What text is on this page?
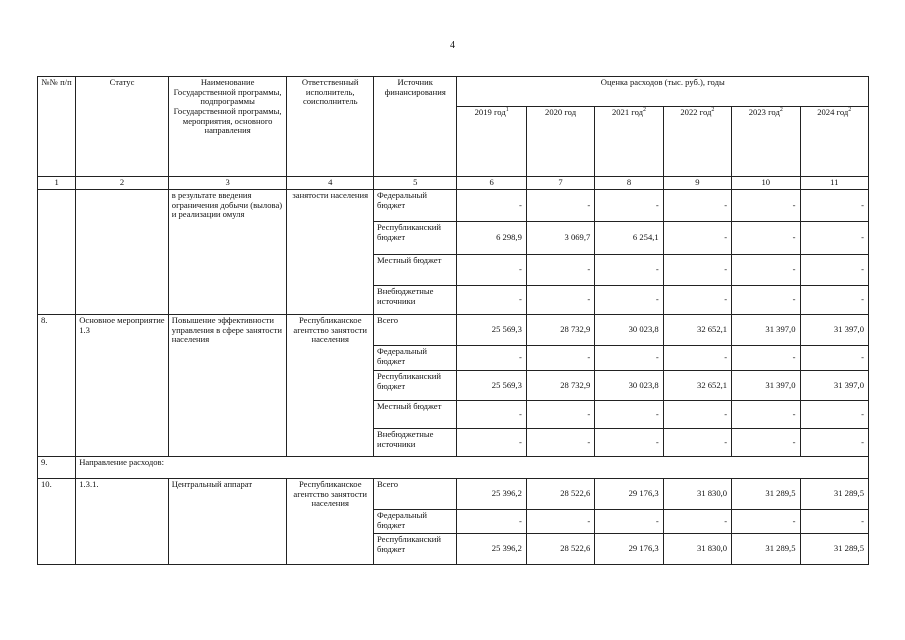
4
№№ п/п	Статус	Наименование Государственной программы, подпрограммы Государственной программы, мероприятия, основного направления	Ответственный исполнитель, соисполнитель	Источник финансирования	Оценка расходов (тыс. руб.), годы					
					2019 год$^1$	2020 год	2021 год$^2$	2022 год$^2$	2023 год$^2$	2024 год$^2$
1	2	3	4	5	6	7	8	9	10	11
		в результате введения ограничения добычи (вылова) и реализации омуля	занятости населения	Федеральный бюджет	-	-	-	-	-	-
				Республиканский бюджет	6 298,9	3 069,7	6 254,1	-	-	-
				Местный бюджет	-	-	-	-	-	-
				Внебюджетные источники	-	-	-	-	-	-
8.	Основное мероприятие 1.3	Повышение эффективности управления в сфере занятости населения	Республиканское агентство занятости населения	Всего	25 569,3	28 732,9	30 023,8	32 652,1	31 397,0	31 397,0
				Федеральный бюджет	-	-	-	-	-	-
				Республиканский бюджет	25 569,3	28 732,9	30 023,8	32 652,1	31 397,0	31 397,0
				Местный бюджет	-	-	-	-	-	-
				Внебюджетные источники	-	-	-	-	-	-
9.	Направление расходов:									
10.	1.3.1.	Центральный аппарат	Республиканское агентство занятости населения	Всего	25 396,2	28 522,6	29 176,3	31 830,0	31 289,5	31 289,5
				Федеральный бюджет	-	-	-	-	-	-
				Республиканский бюджет	25 396,2	28 522,6	29 176,3	31 830,0	31 289,5	31 289,5
